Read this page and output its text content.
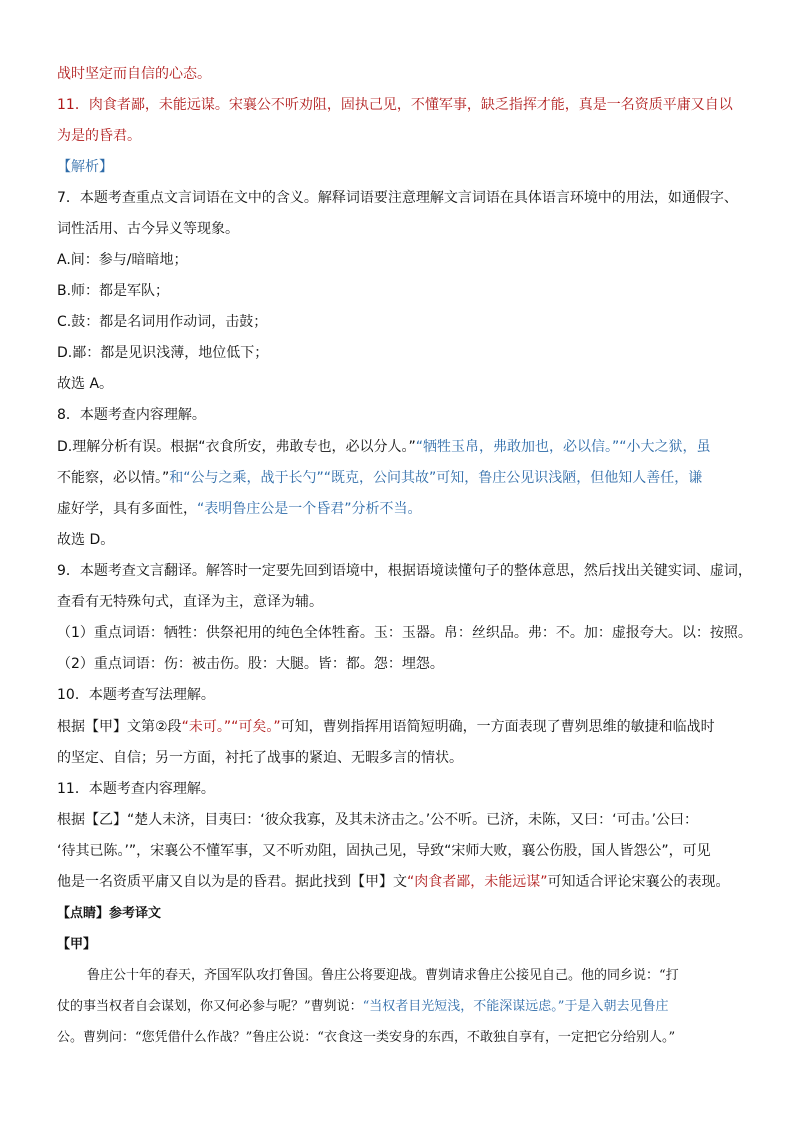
战时坚定而自信的心态。
11．肉食者鄙，未能远谋。宋襄公不听劝阻，固执己见，不懂军事，缺乏指挥才能，真是一名资质平庸又自以
为是的昏君。
【解析】
7．本题考查重点文言词语在文中的含义。解释词语要注意理解文言词语在具体语言环境中的用法，如通假字、
词性活用、古今异义等现象。
A.间：参与/暗暗地；
B.师：都是军队；
C.鼓：都是名词用作动词，击鼓；
D.鄙：都是见识浅薄，地位低下；
故选 A。
8．本题考查内容理解。
D.理解分析有误。根据“衣食所安，弗敢专也，必以分人。”“牺牲玉帛，弗敢加也，必以信。”“小大之狱，虽
不能察，必以情。”和“公与之乘，战于长勺”“既克，公问其故”可知，鲁庄公见识浅陋，但他知人善任，谦
虚好学，具有多面性，“表明鲁庄公是一个昏君”分析不当。
故选 D。
9．本题考查文言翻译。解答时一定要先回到语境中，根据语境读懂句子的整体意思，然后找出关键实词、虚词，
查看有无特殊句式，直译为主，意译为辅。
（1）重点词语：牺牲：供祭祀用的纯色全体牲畜。玉：玉器。帛：丝织品。弗：不。加：虚报夸大。以：按照。
（2）重点词语：伤：被击伤。股：大腿。皆：都。怨：埋怨。
10．本题考查写法理解。
根据【甲】文第②段“未可。”“可矣。”可知，曹刿指挥用语简短明确，一方面表现了曹刿思维的敏捷和临战时
的坚定、自信；另一方面，衬托了战事的紧迫、无暇多言的情状。
11．本题考查内容理解。
根据【乙】“楚人未济，目夷曰：‘彼众我寡，及其未济击之。’公不听。已济，未陈，又曰：‘可击。’公曰：
‘待其已陈。’”，宋襄公不懂军事，又不听劝阻，固执己见，导致“宋师大败，襄公伤股，国人皆怨公”，可见
他是一名资质平庸又自以为是的昏君。据此找到【甲】文“肉食者鄙，未能远谋”可知适合评论宋襄公的表现。
【点睛】参考译文
【甲】
鲁庄公十年的春天，齐国军队攻打鲁国。鲁庄公将要迎战。曹刿请求鲁庄公接见自己。他的同乡说：“打
仗的事当权者自会谋划，你又何必参与呢？”曹刿说：“当权者目光短浅，不能深谋远虑。”于是入朝去见鲁庄
公。曹刿问：“您凭借什么作战？”鲁庄公说：“衣食这一类安身的东西，不敢独自享有，一定把它分给别人。”
